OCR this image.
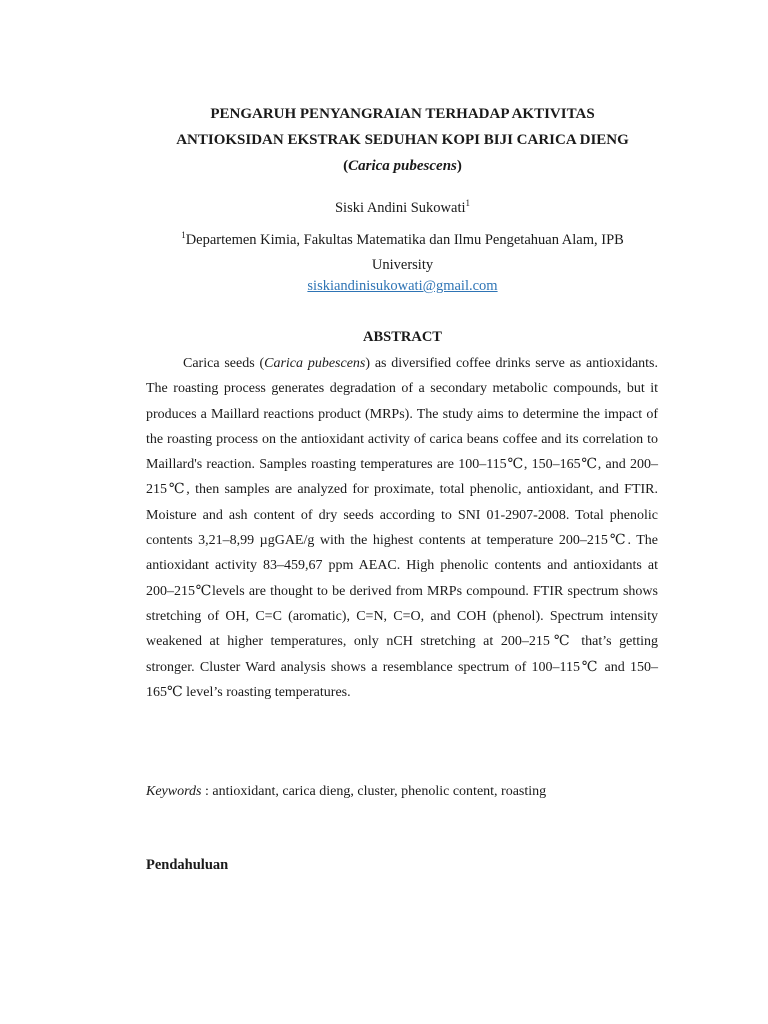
PENGARUH PENYANGRAIAN TERHADAP AKTIVITAS
ANTIOKSIDAN EKSTRAK SEDUHAN KOPI BIJI CARICA DIENG
(Carica pubescens)
Siski Andini Sukowati$^1$
$^1$Departemen Kimia, Fakultas Matematika dan Ilmu Pengetahuan Alam, IPB University
siskiandinisukowati@gmail.com
ABSTRACT

Carica seeds (Carica pubescens) as diversified coffee drinks serve as antioxidants. The roasting process generates degradation of a secondary metabolic compounds, but it produces a Maillard reactions product (MRPs). The study aims to determine the impact of the roasting process on the antioxidant activity of carica beans coffee and its correlation to Maillard's reaction. Samples roasting temperatures are 100–115℃, 150–165℃, and 200–215℃, then samples are analyzed for proximate, total phenolic, antioxidant, and FTIR. Moisture and ash content of dry seeds according to SNI 01-2907-2008. Total phenolic contents 3,21–8,99 µgGAE/g with the highest contents at temperature 200–215℃. The antioxidant activity 83–459,67 ppm AEAC. High phenolic contents and antioxidants at 200–215℃levels are thought to be derived from MRPs compound. FTIR spectrum shows stretching of OH, C=C (aromatic), C=N, C=O, and COH (phenol). Spectrum intensity weakened at higher temperatures, only nCH stretching at 200–215℃ that’s getting stronger. Cluster Ward analysis shows a resemblance spectrum of 100–115℃ and 150–165℃ level’s roasting temperatures.

Keywords : antioxidant, carica dieng, cluster, phenolic content, roasting
Pendahuluan
